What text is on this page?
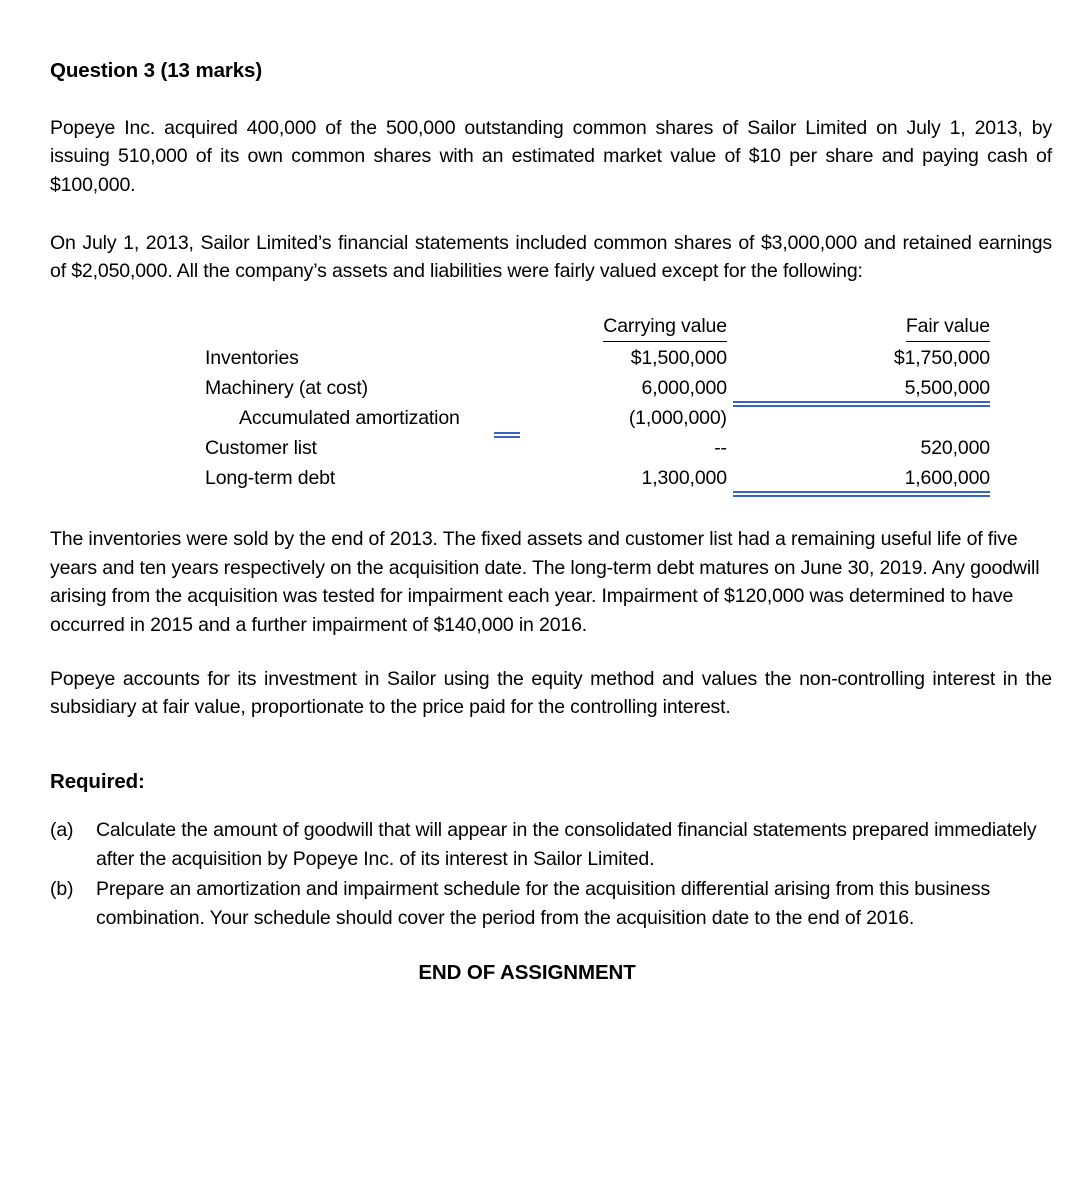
Question 3 (13 marks)

Popeye Inc. acquired 400,000 of the 500,000 outstanding common shares of Sailor Limited on July 1, 2013, by issuing 510,000 of its own common shares with an estimated market value of $10 per share and paying cash of $100,000.

On July 1, 2013, Sailor Limited’s financial statements included common shares of $3,000,000 and retained earnings of $2,050,000. All the company’s assets and liabilities were fairly valued except for the following:

	Carrying value	Fair value
Inventories	$1,500,000	$1,750,000
Machinery (at cost)	6,000,000	5,500,000

Accumulated amortization	(1,000,000)	

Customer list	--	520,000
Long-term debt	1,300,000	1,600,000

The inventories were sold by the end of 2013. The fixed assets and customer list had a remaining useful life of five years and ten years respectively on the acquisition date. The long-term debt matures on June 30, 2019. Any goodwill arising from the acquisition was tested for impairment each year. Impairment of $120,000 was determined to have occurred in 2015 and a further impairment of $140,000 in 2016.

Popeye accounts for its investment in Sailor using the equity method and values the non-controlling interest in the subsidiary at fair value, proportionate to the price paid for the controlling interest.

Required:
(a) Calculate the amount of goodwill that will appear in the consolidated financial statements prepared immediately after the acquisition by Popeye Inc. of its interest in Sailor Limited.
(b) Prepare an amortization and impairment schedule for the acquisition differential arising from this business combination. Your schedule should cover the period from the acquisition date to the end of 2016.
END OF ASSIGNMENT
